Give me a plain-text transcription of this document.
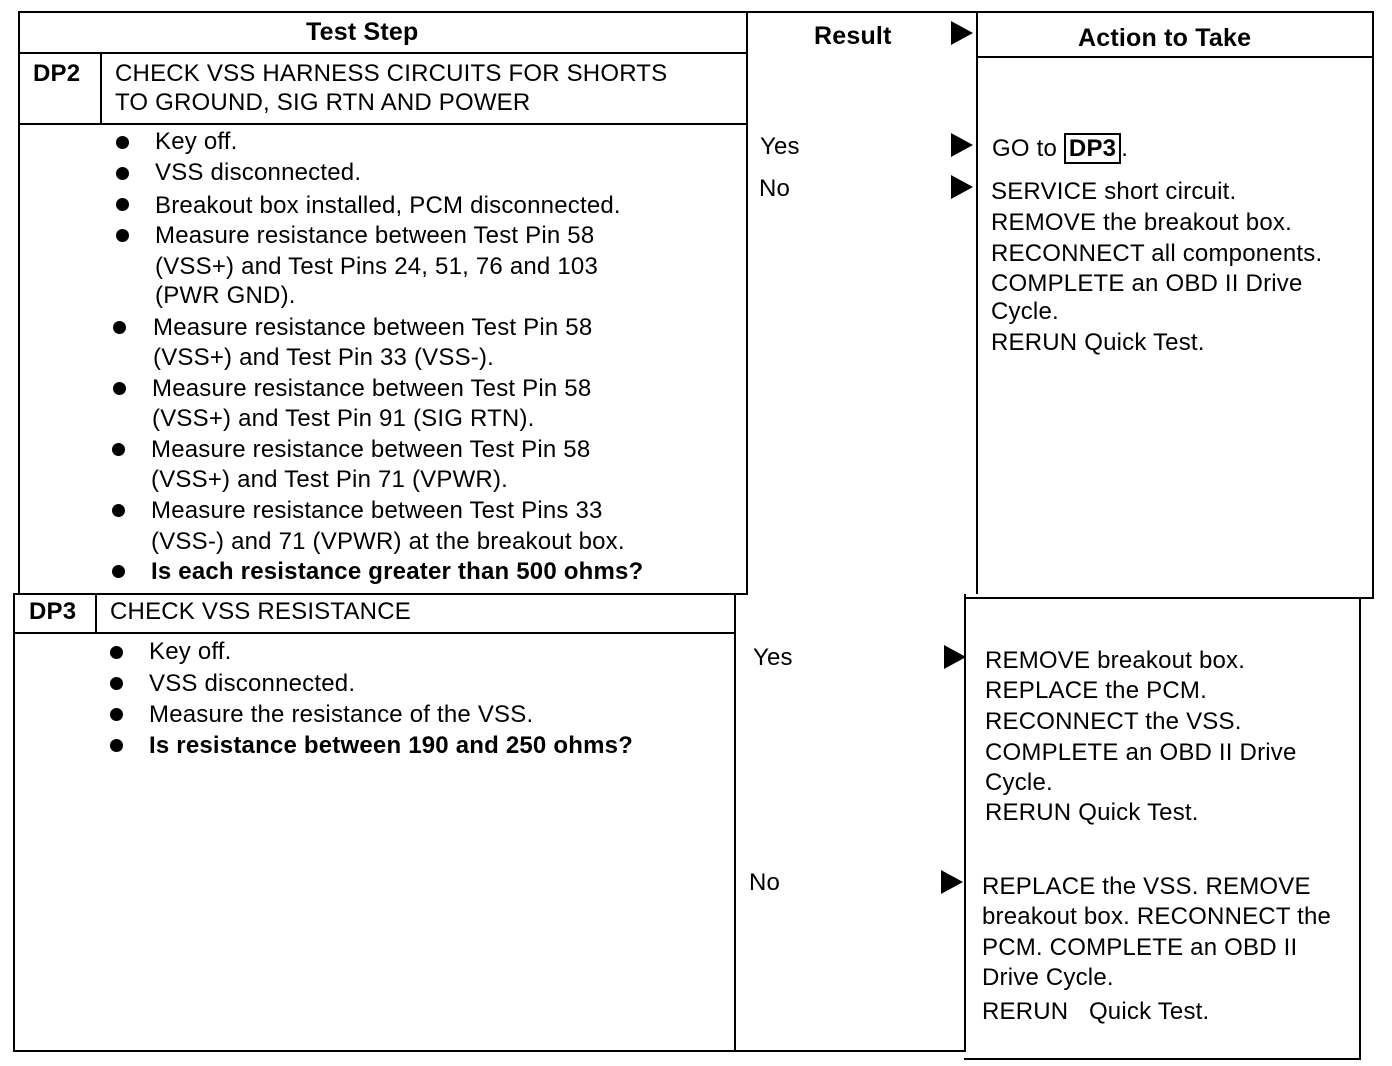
Test Step	Result	Action to Take
DP2 CHECK VSS HARNESS CIRCUITS FOR SHORTS
TO GROUND, SIG RTN AND POWER
Key off.
VSS disconnected.
Breakout box installed, PCM disconnected.
Measure resistance between Test Pin 58
(VSS+) and Test Pins 24, 51, 76 and 103
(PWR GND).
Measure resistance between Test Pin 58
(VSS+) and Test Pin 33 (VSS-).
Measure resistance between Test Pin 58
(VSS+) and Test Pin 91 (SIG RTN).
Measure resistance between Test Pin 58
(VSS+) and Test Pin 71 (VPWR).
Measure resistance between Test Pins 33
(VSS-) and 71 (VPWR) at the breakout box.
Is each resistance greater than 500 ohms?
Yes
No
GO to DP3 .
SERVICE short circuit.
REMOVE the breakout box.
RECONNECT all components.
COMPLETE an OBD II Drive
Cycle.
RERUN Quick Test.
DP3 CHECK VSS RESISTANCE
Key off.
VSS disconnected.
Measure the resistance of the VSS.
Is resistance between 190 and 250 ohms?
Yes
No
REMOVE breakout box.
REPLACE the PCM.
RECONNECT the VSS.
COMPLETE an OBD II Drive
Cycle.
RERUN Quick Test.
REPLACE the VSS. REMOVE
breakout box. RECONNECT the
PCM. COMPLETE an OBD II
Drive Cycle.
RERUN   Quick Test.
